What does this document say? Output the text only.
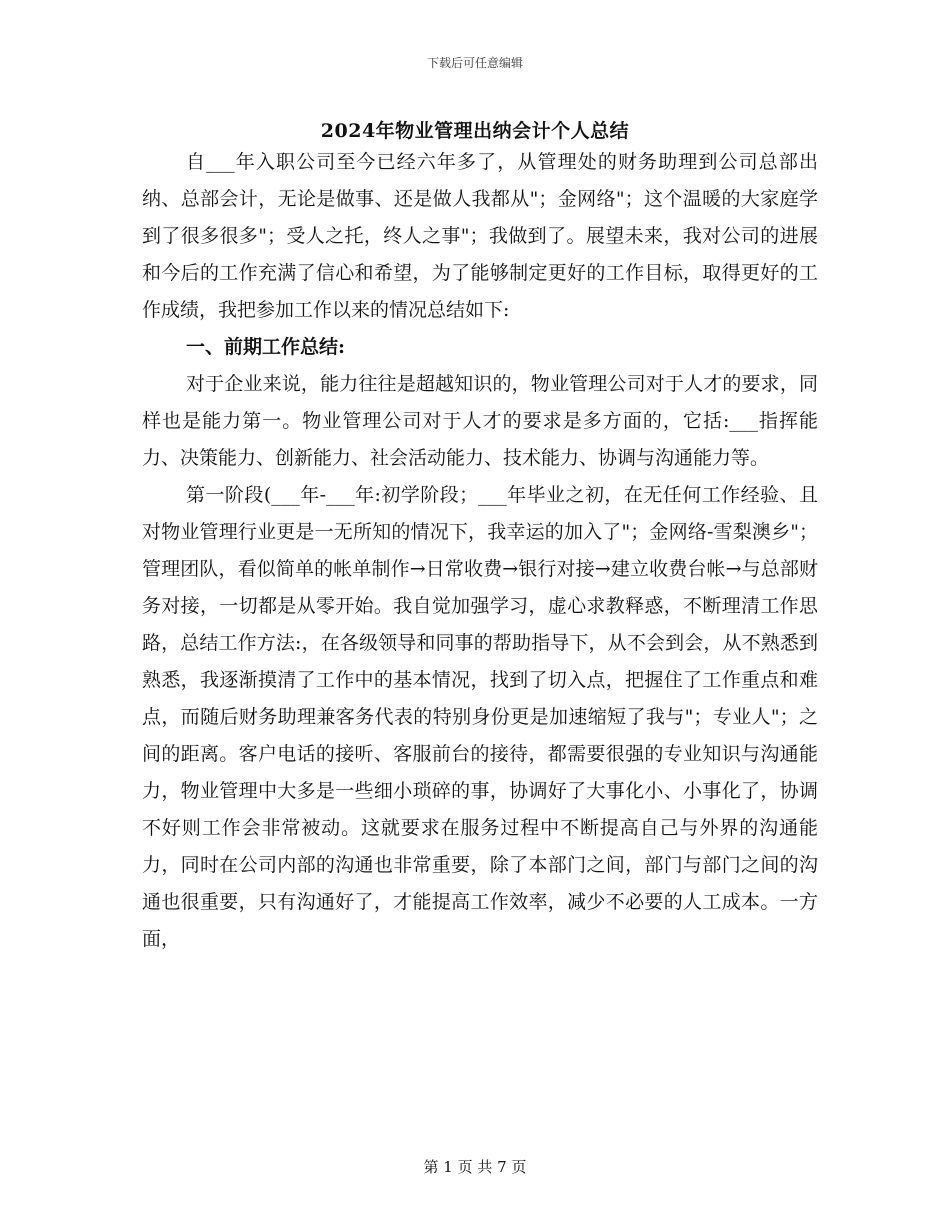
下载后可任意编辑
2024年物业管理出纳会计个人总结

自___年入职公司至今已经六年多了，从管理处的财务助理到公司总部出纳、总部会计，无论是做事、还是做人我都从"；金网络"；这个温暖的大家庭学到了很多很多"；受人之托，终人之事"；我做到了。展望未来，我对公司的进展和今后的工作充满了信心和希望，为了能够制定更好的工作目标，取得更好的工作成绩，我把参加工作以来的情况总结如下:

一、前期工作总结:

对于企业来说，能力往往是超越知识的，物业管理公司对于人才的要求，同样也是能力第一。物业管理公司对于人才的要求是多方面的，它括:___指挥能力、决策能力、创新能力、社会活动能力、技术能力、协调与沟通能力等。

第一阶段(___年-___年:初学阶段；___年毕业之初，在无任何工作经验、且对物业管理行业更是一无所知的情况下，我幸运的加入了"；金网络-雪梨澳乡"；管理团队，看似简单的帐单制作→日常收费→银行对接→建立收费台帐→与总部财务对接，一切都是从零开始。我自觉加强学习，虚心求教释惑，不断理清工作思路，总结工作方法:，在各级领导和同事的帮助指导下，从不会到会，从不熟悉到熟悉，我逐渐摸清了工作中的基本情况，找到了切入点，把握住了工作重点和难点，而随后财务助理兼客务代表的特别身份更是加速缩短了我与"；专业人"；之间的距离。客户电话的接听、客服前台的接待，都需要很强的专业知识与沟通能力，物业管理中大多是一些细小琐碎的事，协调好了大事化小、小事化了，协调不好则工作会非常被动。这就要求在服务过程中不断提高自己与外界的沟通能力，同时在公司内部的沟通也非常重要，除了本部门之间，部门与部门之间的沟通也很重要，只有沟通好了，才能提高工作效率，减少不必要的人工成本。一方面，

第 1 页 共 7 页
